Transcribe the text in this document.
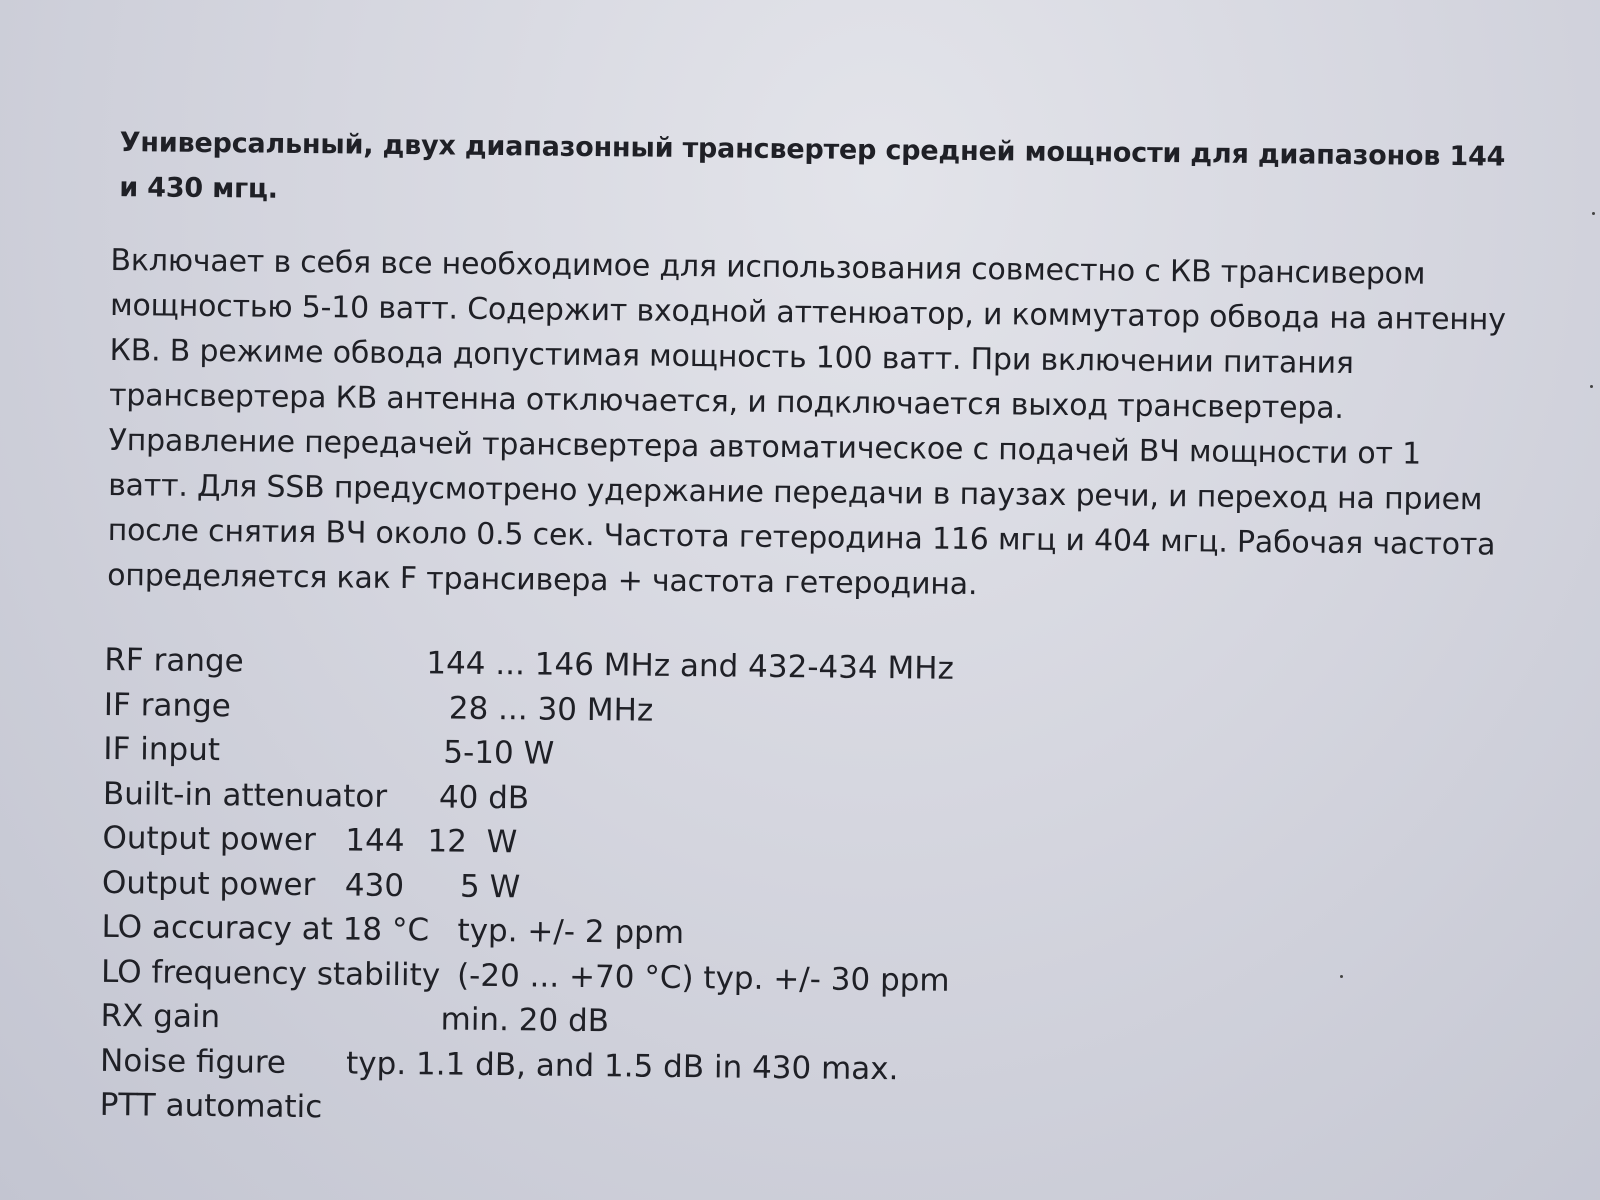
Универсальный, двух диапазонный трансвертер средней мощности для диапазонов 144 и 430 мгц.
Включает в себя все необходимое для использования совместно с КВ трансивером мощностью 5-10 ватт. Содержит входной аттенюатор, и коммутатор обвода на антенну КВ. В режиме обвода допустимая мощность 100 ватт. При включении питания трансвертера КВ антенна отключается, и подключается выход трансвертера. Управление передачей трансвертера автоматическое с подачей ВЧ мощности от 1 ватт. Для SSB предусмотрено удержание передачи в паузах речи, и переход на прием после снятия ВЧ около 0.5 сек. Частота гетеродина 116 мгц и 404 мгц. Рабочая частота определяется как F трансивера + частота гетеродина.
RF range	144 ... 146 MHz and 432-434 MHz
IF range	28 ... 30 MHz
IF input	5-10 W
Built-in attenuator 40 dB
Output power   144 12  W
Output power   430 5 W
LO accuracy at 18 °C typ. +/- 2 ppm
LO frequency stability (-20 ... +70 °C) typ. +/- 30 ppm
RX gain	min. 20 dB
Noise figure typ. 1.1 dB, and 1.5 dB in 430 max.
PTT automatic
